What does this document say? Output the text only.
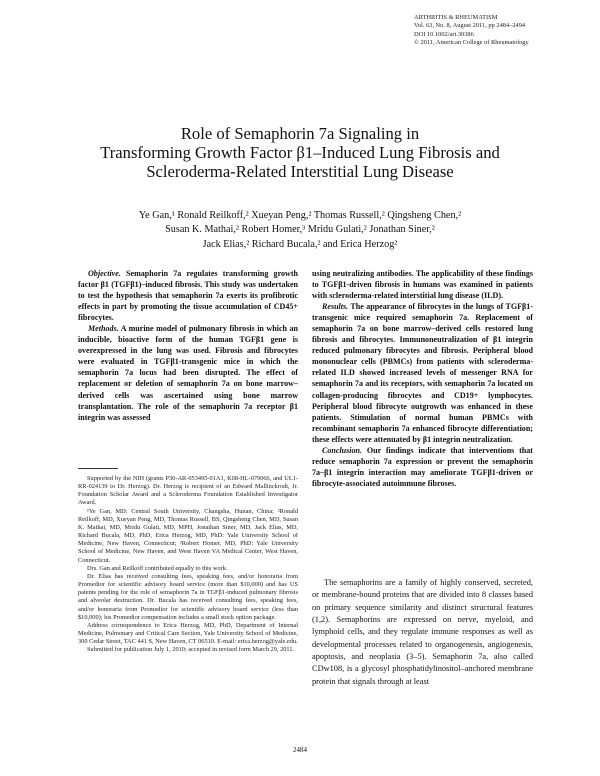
ARTHRITIS & RHEUMATISM
Vol. 63, No. 8, August 2011, pp 2484–2494
DOI 10.1002/art.30386
© 2011, American College of Rheumatology
Role of Semaphorin 7a Signaling in
Transforming Growth Factor β1–Induced Lung Fibrosis and
Scleroderma-Related Interstitial Lung Disease
Ye Gan,¹ Ronald Reilkoff,² Xueyan Peng,² Thomas Russell,² Qingsheng Chen,²
Susan K. Mathai,² Robert Homer,³ Mridu Gulati,² Jonathan Siner,²
Jack Elias,² Richard Bucala,² and Erica Herzog²

Objective. Semaphorin 7a regulates transforming growth factor β1 (TGFβ1)–induced fibrosis. This study was undertaken to test the hypothesis that semaphorin 7a exerts its profibrotic effects in part by promoting the tissue accumulation of CD45+ fibrocytes.

Methods. A murine model of pulmonary fibrosis in which an inducible, bioactive form of the human TGFβ1 gene is overexpressed in the lung was used. Fibrosis and fibrocytes were evaluated in TGFβ1-transgenic mice in which the semaphorin 7a locus had been disrupted. The effect of replacement or deletion of semaphorin 7a on bone marrow–derived cells was ascertained using bone marrow transplantation. The role of the semaphorin 7a receptor β1 integrin was assessed

using neutralizing antibodies. The applicability of these findings to TGFβ1-driven fibrosis in humans was examined in patients with scleroderma-related interstitial lung disease (ILD).

Results. The appearance of fibrocytes in the lungs of TGFβ1-transgenic mice required semaphorin 7a. Replacement of semaphorin 7a on bone marrow–derived cells restored lung fibrosis and fibrocytes. Immunoneutralization of β1 integrin reduced pulmonary fibrocytes and fibrosis. Peripheral blood mononuclear cells (PBMCs) from patients with scleroderma-related ILD showed increased levels of messenger RNA for semaphorin 7a and its receptors, with semaphorin 7a located on collagen-producing fibrocytes and CD19+ lymphocytes. Peripheral blood fibrocyte outgrowth was enhanced in these patients. Stimulation of normal human PBMCs with recombinant semaphorin 7a enhanced fibrocyte differentiation; these effects were attenuated by β1 integrin neutralization.

Conclusion. Our findings indicate that interventions that reduce semaphorin 7a expression or prevent the semaphorin 7a–β1 integrin interaction may ameliorate TGFβ1-driven or fibrocyte-associated autoimmune fibroses.

Supported by the NIH (grants P30-AR-053495-01A1, K08-HL-079066, and UL1-RR-024139 to Dr. Herzog). Dr. Herzog is recipient of an Edward Mallinckrodt, Jr. Foundation Scholar Award and a Scleroderma Foundation Established Investigator Award.

¹Ye Gan, MD: Central South University, Changsha, Hunan, China; ²Ronald Reilkoff, MD, Xueyan Peng, MD, Thomas Russell, BS, Qingsheng Chen, MD, Susan K. Mathai, MD, Mridu Gulati, MD, MPH, Jonathan Siner, MD, Jack Elias, MD, Richard Bucala, MD, PhD, Erica Herzog, MD, PhD: Yale University School of Medicine, New Haven, Connecticut; ³Robert Homer, MD, PhD: Yale University School of Medicine, New Haven, and West Haven VA Medical Center, West Haven, Connecticut.

Drs. Gan and Reilkoff contributed equally to this work.

Dr. Elias has received consulting fees, speaking fees, and/or honoraria from Promedior for scientific advisory board service (more than $10,000) and has US patents pending for the role of semaphorin 7a in TGFβ1-induced pulmonary fibrosis and alveolar destruction. Dr. Bucala has received consulting fees, speaking fees, and/or honoraria from Promedior for scientific advisory board service (less than $10,000); his Promedior compensation includes a small stock option package.

Address correspondence to Erica Herzog, MD, PhD, Department of Internal Medicine, Pulmonary and Critical Care Section, Yale University School of Medicine, 300 Cedar Street, TAC 441 S, New Haven, CT 06510. E-mail: erica.herzog@yale.edu.

Submitted for publication July 1, 2010; accepted in revised form March 29, 2011.

The semaphorins are a family of highly conserved, secreted, or membrane-bound proteins that are divided into 8 classes based on primary sequence similarity and distinct structural features (1,2). Semaphorins are expressed on nerve, myeloid, and lymphoid cells, and they regulate immune responses as well as developmental processes related to organogenesis, angiogenesis, apoptosis, and neoplasia (3–5). Semaphorin 7a, also called CDw108, is a glycosyl phosphatidylinositol–anchored membrane protein that signals through at least

2484
